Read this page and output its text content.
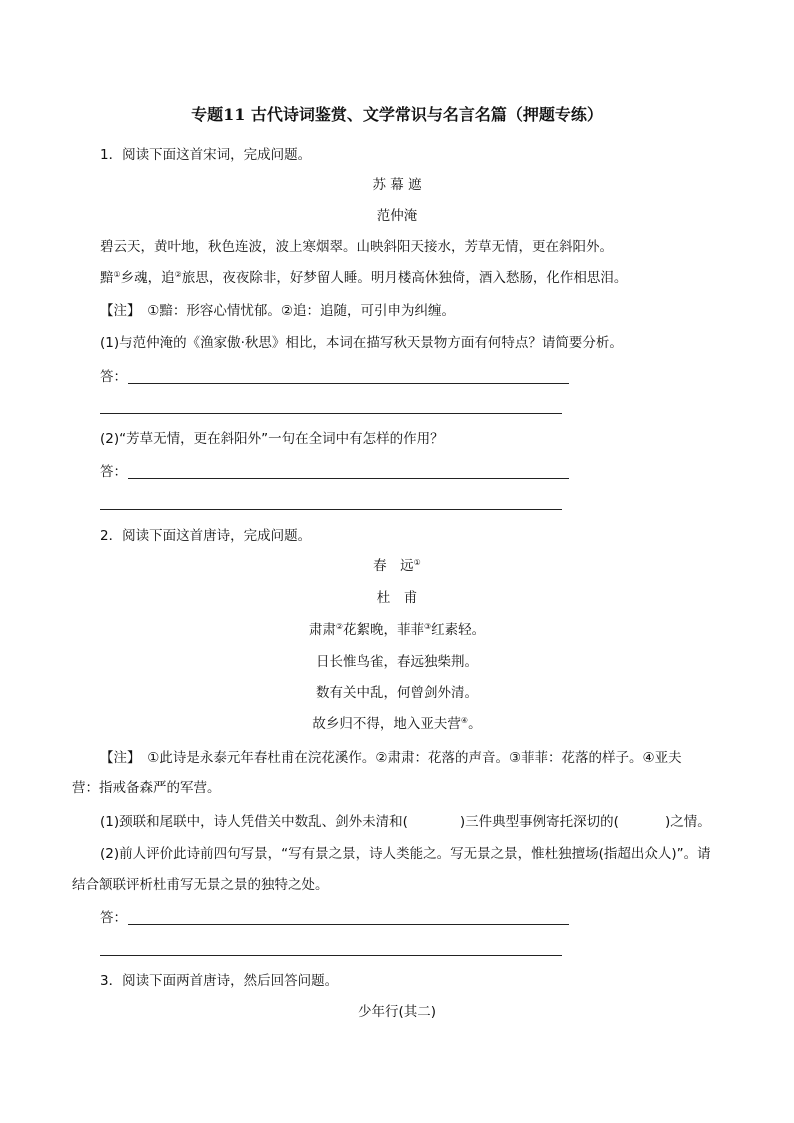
专题11 古代诗词鉴赏、文学常识与名言名篇（押题专练）
1．阅读下面这首宋词，完成问题。
苏 幕 遮
范仲淹
碧云天，黄叶地，秋色连波，波上寒烟翠。山映斜阳天接水，芳草无情，更在斜阳外。
黯①乡魂，追②旅思，夜夜除非，好梦留人睡。明月楼高休独倚，酒入愁肠，化作相思泪。
【注】　①黯：形容心情忧郁。②追：追随，可引申为纠缠。
(1)与范仲淹的《渔家傲·秋思》相比，本词在描写秋天景物方面有何特点？请简要分析。
答：
(2)“芳草无情，更在斜阳外”一句在全词中有怎样的作用？
答：
2．阅读下面这首唐诗，完成问题。
春　远①
杜　甫
肃肃②花絮晚，菲菲③红素轻。
日长惟鸟雀，春远独柴荆。
数有关中乱，何曾剑外清。
故乡归不得，地入亚夫营④。
【注】　①此诗是永泰元年春杜甫在浣花溪作。②肃肃：花落的声音。③菲菲：花落的样子。④亚夫
营：指戒备森严的军营。
(1)颈联和尾联中，诗人凭借关中数乱、剑外未清和(	)三件典型事例寄托深切的(	)之情。
(2)前人评价此诗前四句写景，“写有景之景，诗人类能之。写无景之景，惟杜独擅场(指超出众人)”。请
结合颔联评析杜甫写无景之景的独特之处。
答：
3．阅读下面两首唐诗，然后回答问题。
少年行(其二)
